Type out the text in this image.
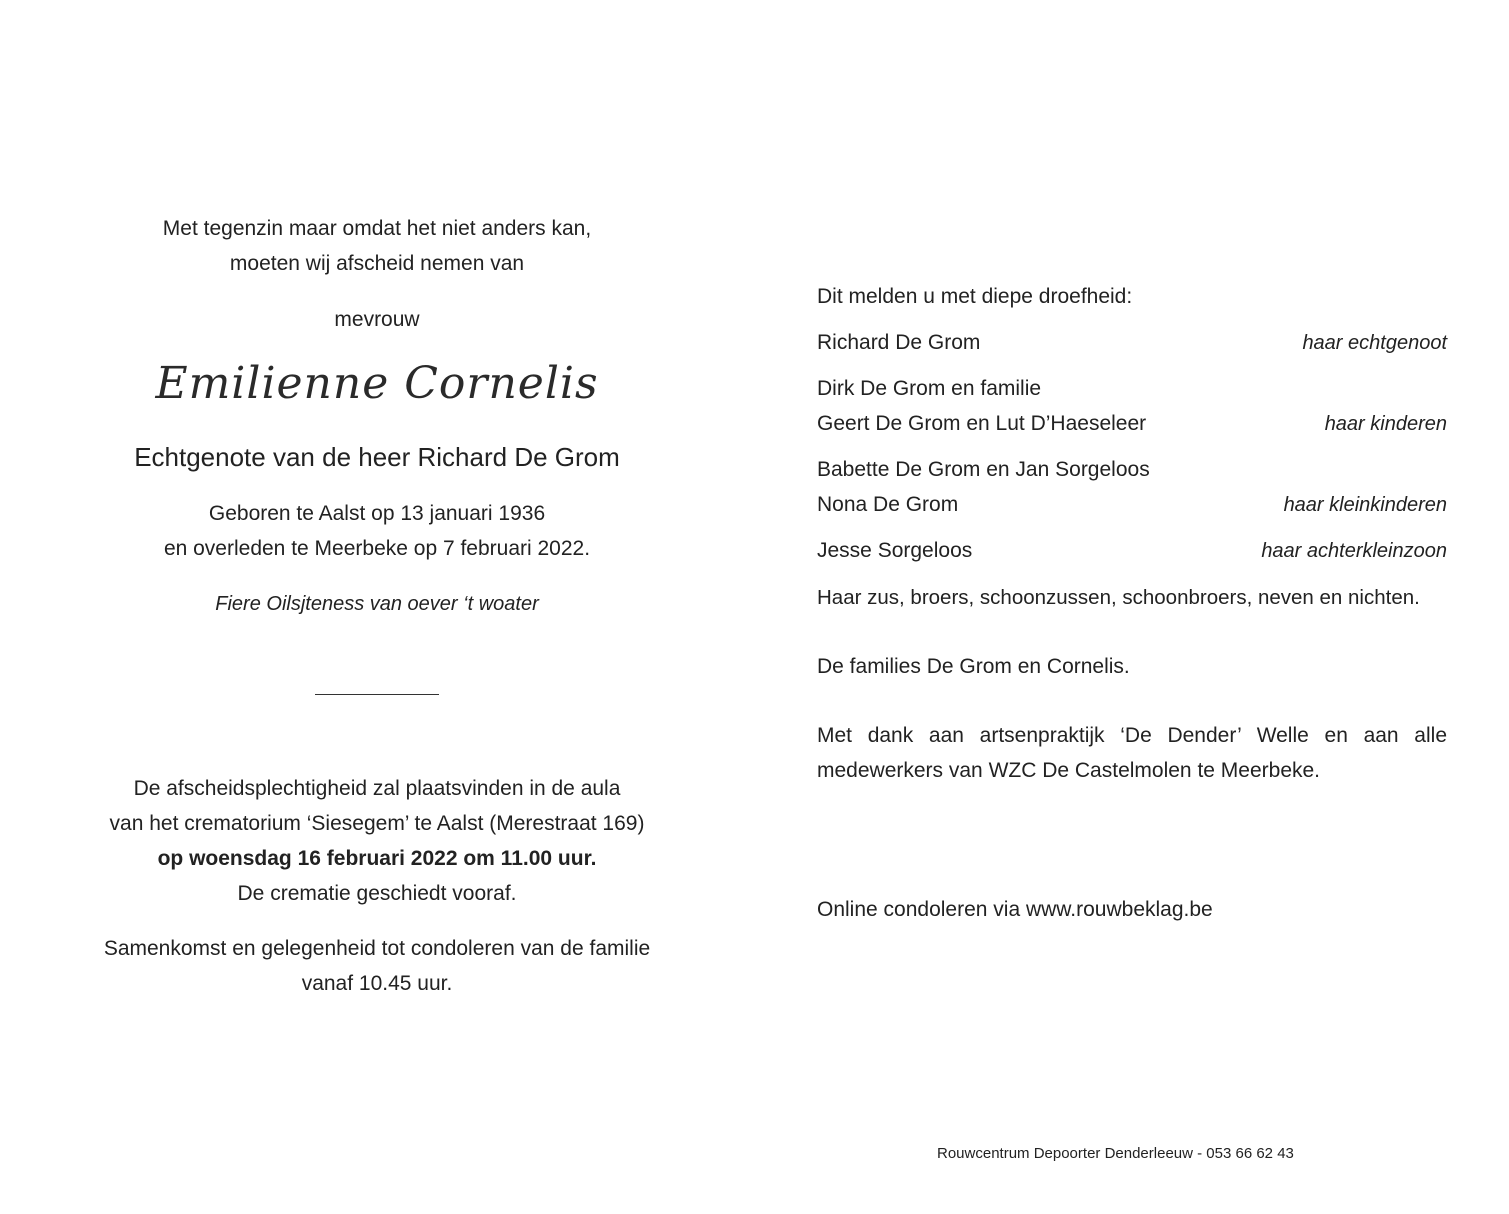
Met tegenzin maar omdat het niet anders kan,
moeten wij afscheid nemen van
mevrouw
Emilienne Cornelis
Echtgenote van de heer Richard De Grom
Geboren te Aalst op 13 januari 1936
en overleden te Meerbeke op 7 februari 2022.
Fiere Oilsjteness van oever ‘t woater
De afscheidsplechtigheid zal plaatsvinden in de aula
van het crematorium ‘Siesegem’ te Aalst (Merestraat 169)
op woensdag 16 februari 2022 om 11.00 uur.
De crematie geschiedt vooraf.
Samenkomst en gelegenheid tot condoleren van de familie
vanaf 10.45 uur.
Dit melden u met diepe droefheid:
Richard De Grom	haar echtgenoot
Dirk De Grom en familie
Geert De Grom en Lut D’Haeseleer	haar kinderen
Babette De Grom en Jan Sorgeloos
Nona De Grom	haar kleinkinderen
Jesse Sorgeloos	haar achterkleinzoon
Haar zus, broers, schoonzussen, schoonbroers, neven en nichten.
De families De Grom en Cornelis.
Met dank aan artsenpraktijk ‘De Dender’ Welle en aan alle
medewerkers van WZC De Castelmolen te Meerbeke.
Online condoleren via www.rouwbeklag.be
Rouwcentrum Depoorter Denderleeuw - 053 66 62 43
